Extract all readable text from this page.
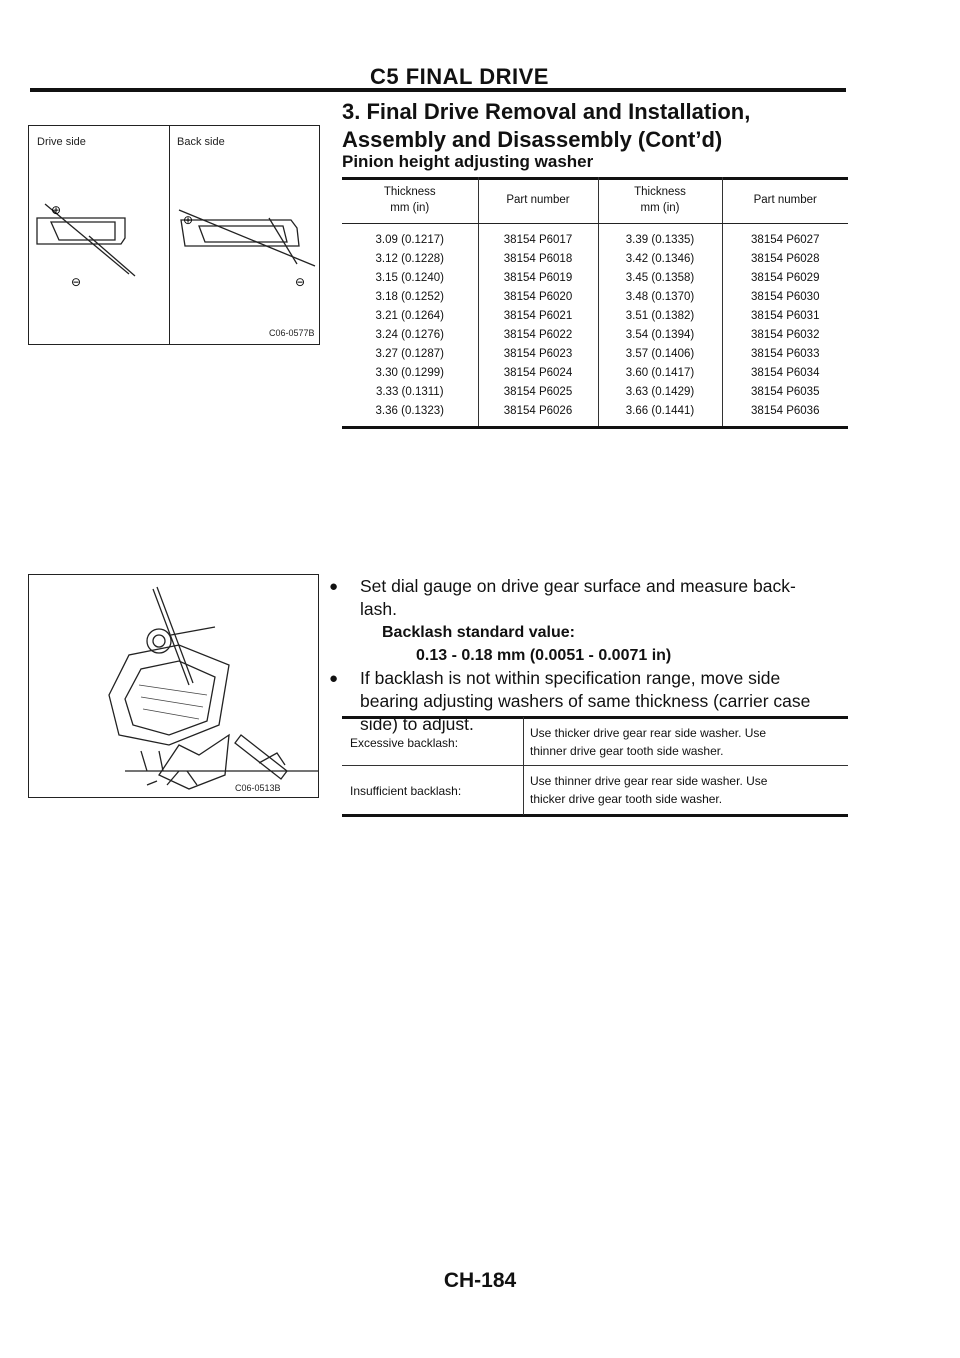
C5 FINAL DRIVE
3. Final Drive Removal and Installation,
Assembly and Disassembly (Cont’d)
Pinion height adjusting washer
Drive side	Back side
⊕
⊖
⊕
⊖
C06-0577B
Thickness
mm (in)	Part number	Thickness
mm (in)	Part number
3.09 (0.1217)	38154 P6017	3.39 (0.1335)	38154 P6027
3.12 (0.1228)	38154 P6018	3.42 (0.1346)	38154 P6028
3.15 (0.1240)	38154 P6019	3.45 (0.1358)	38154 P6029
3.18 (0.1252)	38154 P6020	3.48 (0.1370)	38154 P6030
3.21 (0.1264)	38154 P6021	3.51 (0.1382)	38154 P6031
3.24 (0.1276)	38154 P6022	3.54 (0.1394)	38154 P6032
3.27 (0.1287)	38154 P6023	3.57 (0.1406)	38154 P6033
3.30 (0.1299)	38154 P6024	3.60 (0.1417)	38154 P6034
3.33 (0.1311)	38154 P6025	3.63 (0.1429)	38154 P6035
3.36 (0.1323)	38154 P6026	3.66 (0.1441)	38154 P6036
C06-0513B
● Set dial gauge on drive gear surface and measure back-
lash.
Backlash standard value:
0.13 - 0.18 mm (0.0051 - 0.0071 in)
● If backlash is not within specification range, move side
bearing adjusting washers of same thickness (carrier case
side) to adjust.
Excessive backlash:
Use thicker drive gear rear side washer. Use
thinner drive gear tooth side washer.
Insufficient backlash:
Use thinner drive gear rear side washer. Use
thicker drive gear tooth side washer.
CH-184
